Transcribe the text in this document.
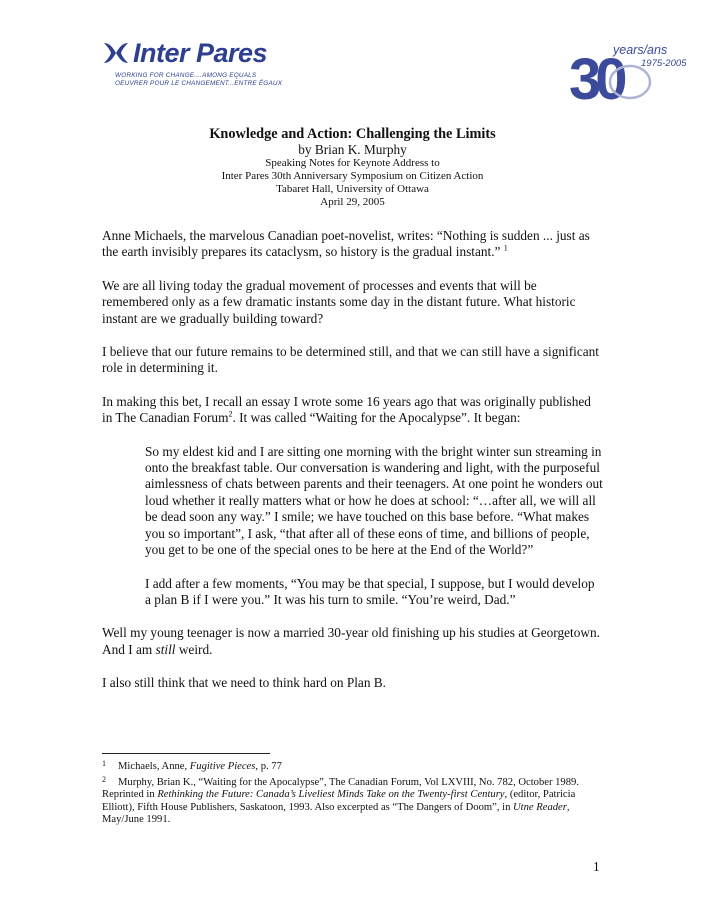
Inter Pares
WORKING FOR CHANGE....AMONG EQUALS
OEUVRER POUR LE CHANGEMENT...ENTRE ÉGAUX	30
years/ans
1975-2005
Knowledge and Action: Challenging the Limits
by Brian K. Murphy
Speaking Notes for Keynote Address to
Inter Pares 30th Anniversary Symposium on Citizen Action
Tabaret Hall, University of Ottawa
April 29, 2005

Anne Michaels, the marvelous Canadian poet-novelist, writes: “Nothing is sudden ... just as the earth invisibly prepares its cataclysm, so history is the gradual instant.” $^1$

We are all living today the gradual movement of processes and events that will be remembered only as a few dramatic instants some day in the distant future. What historic instant are we gradually building toward?

I believe that our future remains to be determined still, and that we can still have a significant role in determining it.

In making this bet, I recall an essay I wrote some 16 years ago that was originally published in The Canadian Forum$^2$. It was called “Waiting for the Apocalypse”. It began:

So my eldest kid and I are sitting one morning with the bright winter sun streaming in onto the breakfast table. Our conversation is wandering and light, with the purposeful aimlessness of chats between parents and their teenagers. At one point he wonders out loud whether it really matters what or how he does at school: “…after all, we will all be dead soon any way.” I smile; we have touched on this base before. “What makes you so important”, I ask, “that after all of these eons of time, and billions of people, you get to be one of the special ones to be here at the End of the World?”

I add after a few moments, “You may be that special, I suppose, but I would develop a plan B if I were you.” It was his turn to smile. “You’re weird, Dad.”

Well my young teenager is now a married 30-year old finishing up his studies at Georgetown. And I am still weird.

I also still think that we need to think hard on Plan B.

1 Michaels, Anne, Fugitive Pieces, p. 77

2 Murphy, Brian K., “Waiting for the Apocalypse”, The Canadian Forum, Vol LXVIII, No. 782, October 1989. Reprinted in Rethinking the Future: Canada’s Liveliest Minds Take on the Twenty-first Century, (editor, Patricia Elliott), Fifth House Publishers, Saskatoon, 1993. Also excerpted as “The Dangers of Doom”, in Utne Reader, May/June 1991.

1
